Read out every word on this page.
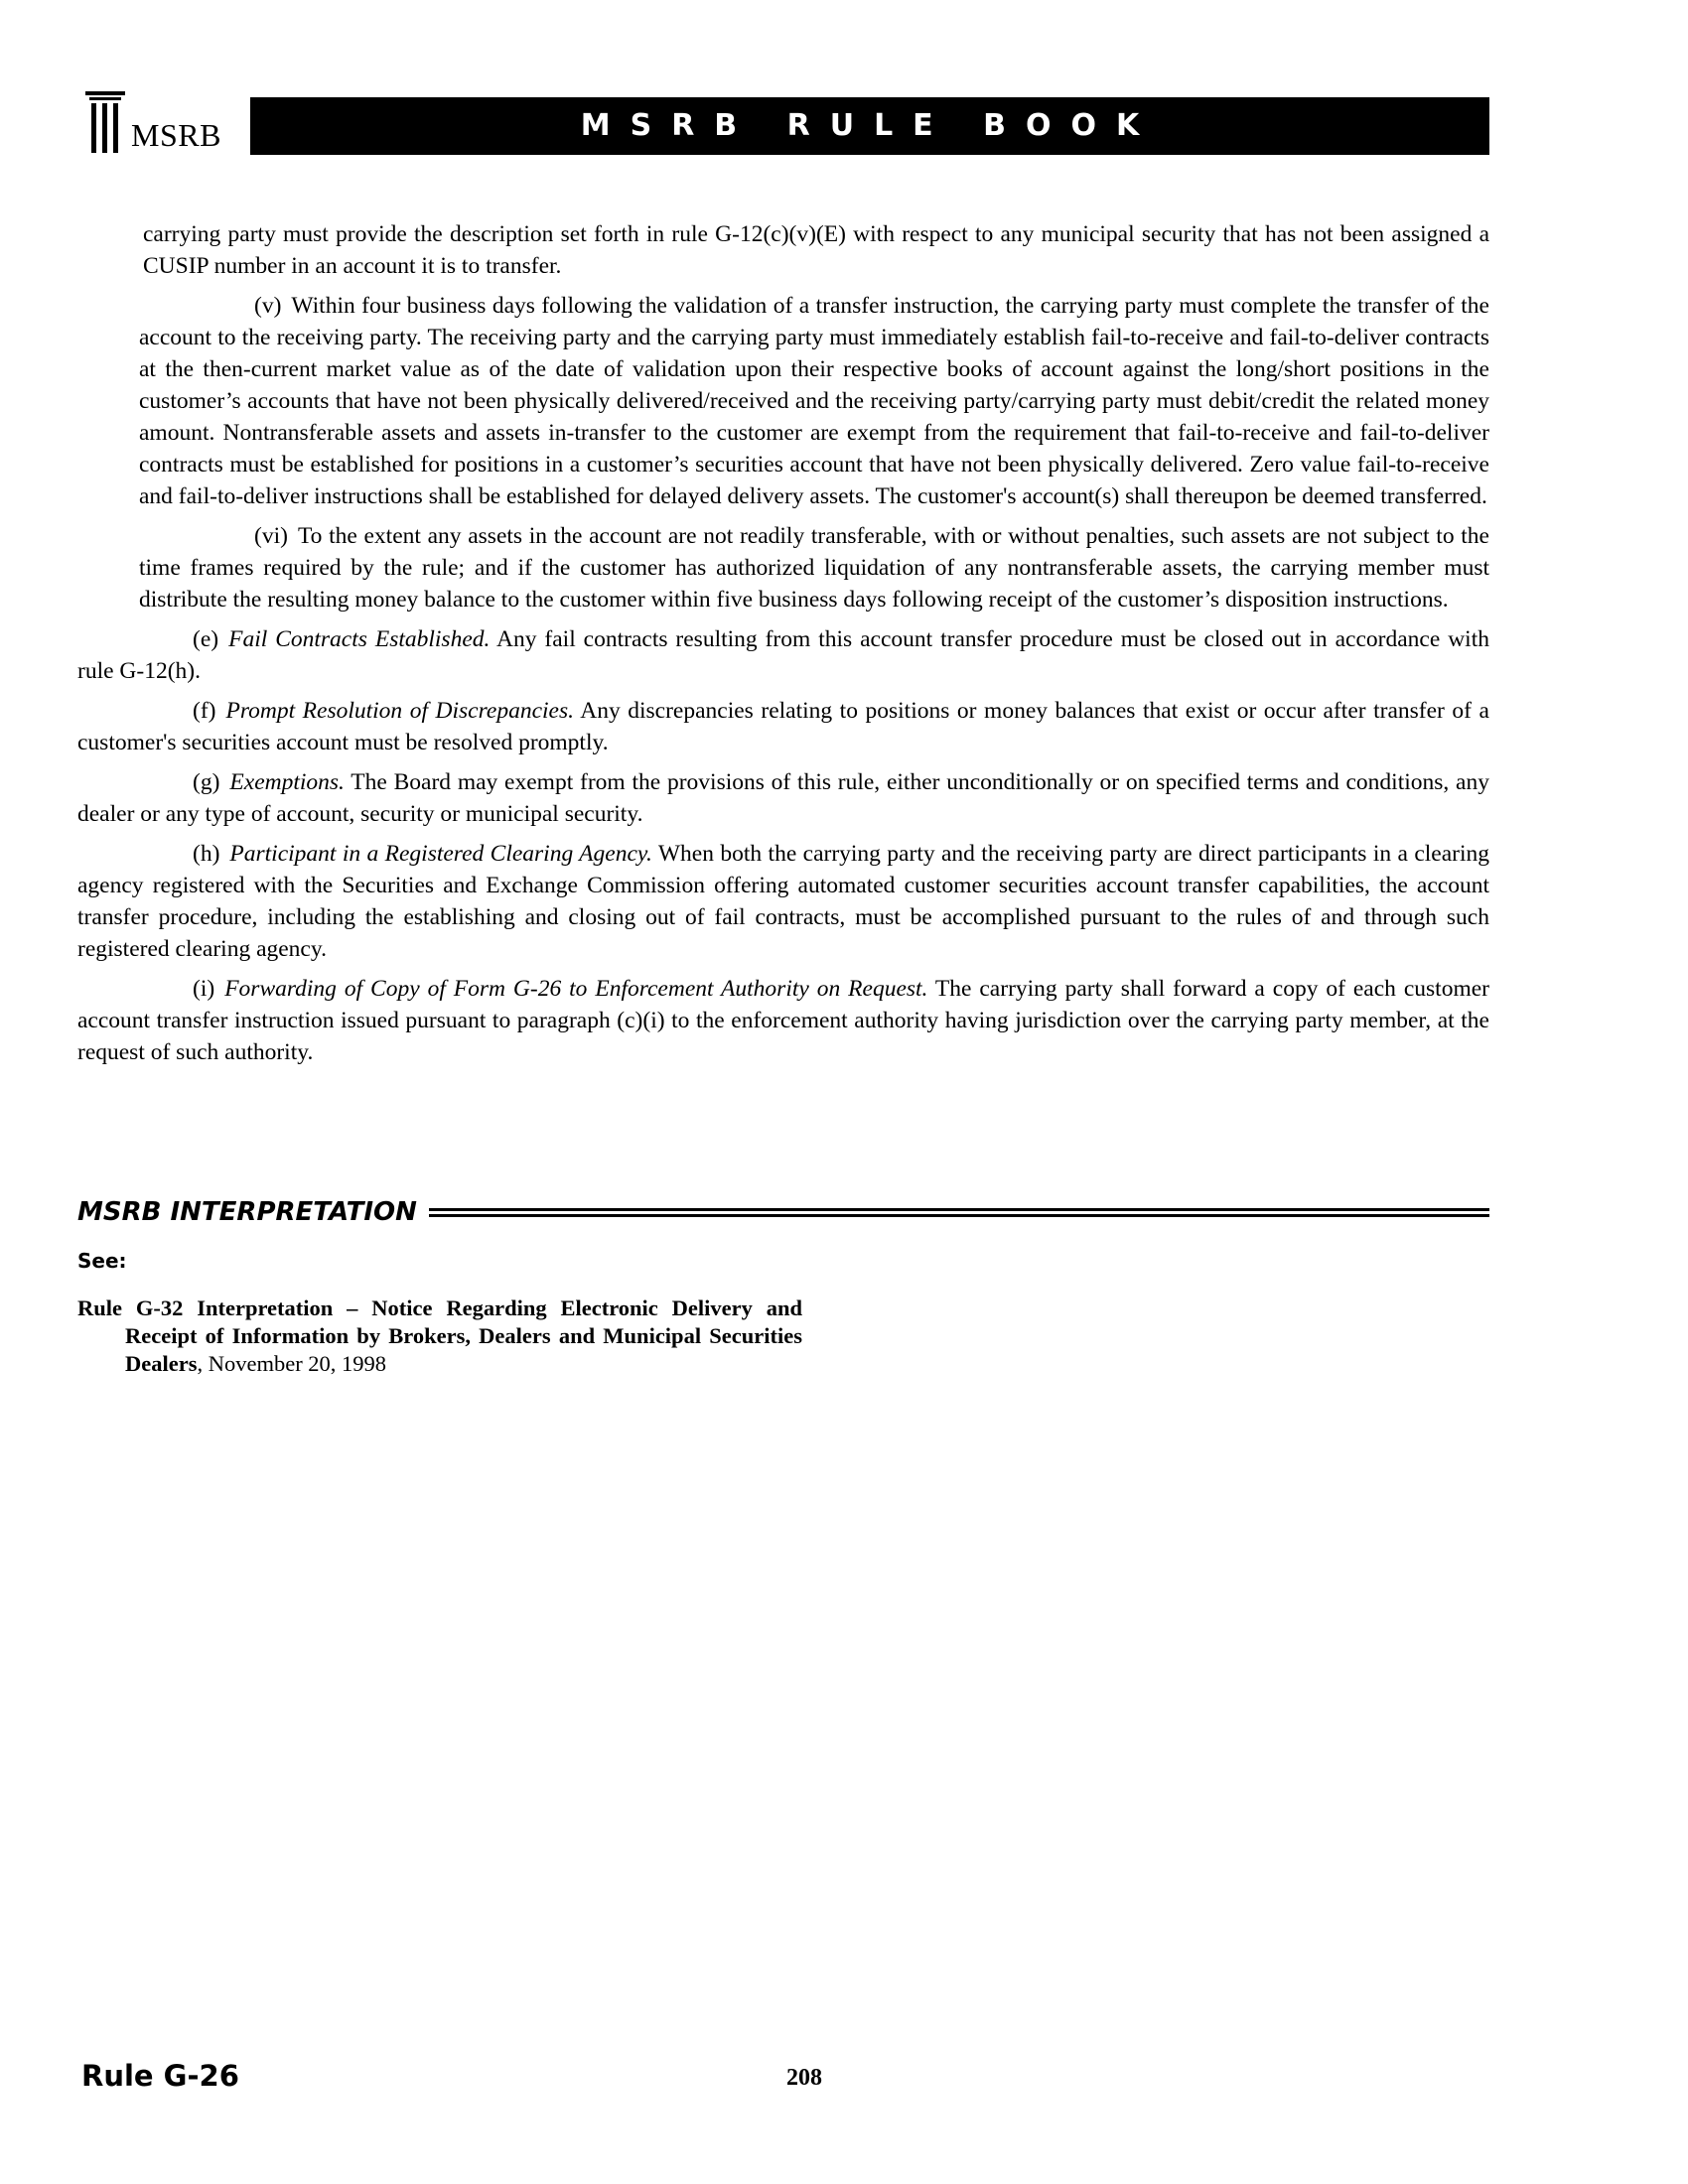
MSRB	MSRB RULE BOOK

carrying party must provide the description set forth in rule G-12(c)(v)(E) with respect to any municipal security that has not been assigned a CUSIP number in an account it is to transfer.

(v) Within four business days following the validation of a transfer instruction, the carrying party must complete the transfer of the account to the receiving party. The receiving party and the carrying party must immediately establish fail-to-receive and fail-to-deliver contracts at the then-current market value as of the date of validation upon their respective books of account against the long/short positions in the customer’s accounts that have not been physically delivered/received and the receiving party/carrying party must debit/credit the related money amount. Nontransferable assets and assets in-transfer to the customer are exempt from the requirement that fail-to-receive and fail-to-deliver contracts must be established for positions in a customer’s securities account that have not been physically delivered. Zero value fail-to-receive and fail-to-deliver instructions shall be established for delayed delivery assets. The customer's account(s) shall thereupon be deemed transferred.

(vi) To the extent any assets in the account are not readily transferable, with or without penalties, such assets are not subject to the time frames required by the rule; and if the customer has authorized liquidation of any nontransferable assets, the carrying member must distribute the resulting money balance to the customer within five business days following receipt of the customer’s disposition instructions.

(e) Fail Contracts Established. Any fail contracts resulting from this account transfer procedure must be closed out in accordance with rule G-12(h).

(f) Prompt Resolution of Discrepancies. Any discrepancies relating to positions or money balances that exist or occur after transfer of a customer's securities account must be resolved promptly.

(g) Exemptions. The Board may exempt from the provisions of this rule, either unconditionally or on specified terms and conditions, any dealer or any type of account, security or municipal security.

(h) Participant in a Registered Clearing Agency. When both the carrying party and the receiving party are direct participants in a clearing agency registered with the Securities and Exchange Commission offering automated customer securities account transfer capabilities, the account transfer procedure, including the establishing and closing out of fail contracts, must be accomplished pursuant to the rules of and through such registered clearing agency.

(i) Forwarding of Copy of Form G-26 to Enforcement Authority on Request. The carrying party shall forward a copy of each customer account transfer instruction issued pursuant to paragraph (c)(i) to the enforcement authority having jurisdiction over the carrying party member, at the request of such authority.

MSRB INTERPRETATION
See:
Rule G-32 Interpretation – Notice Regarding Electronic Delivery and Receipt of Information by Brokers, Dealers and Municipal Securities Dealers, November 20, 1998
Rule G-26	208
